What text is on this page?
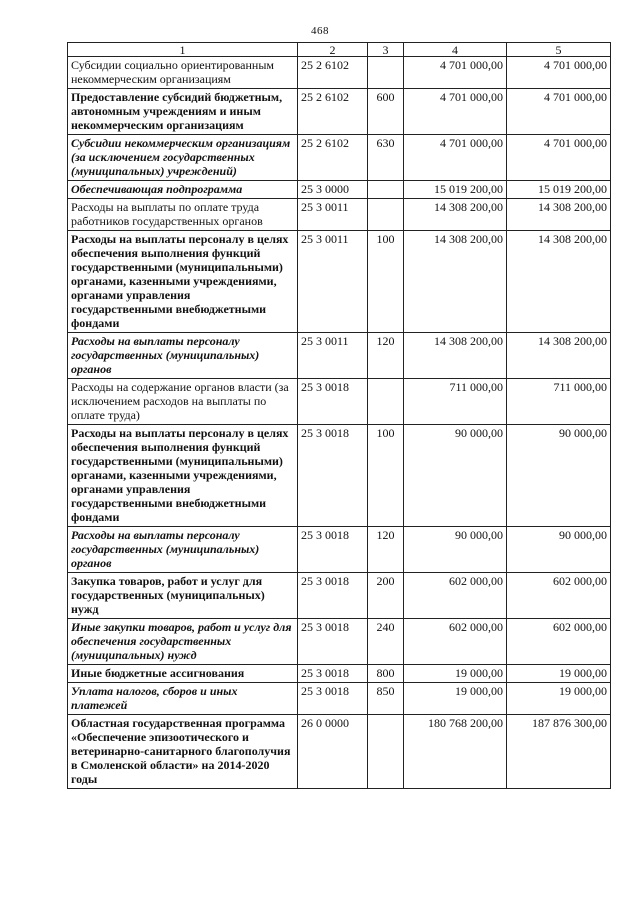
468
1	2	3	4	5
Субсидии социально ориентированным некоммерческим организациям	25 2 6102		4 701 000,00	4 701 000,00
Предоставление субсидий бюджетным, автономным учреждениям и иным некоммерческим организациям	25 2 6102	600	4 701 000,00	4 701 000,00
Субсидии некоммерческим организациям (за исключением государственных (муниципальных) учреждений)	25 2 6102	630	4 701 000,00	4 701 000,00
Обеспечивающая подпрограмма	25 3 0000		15 019 200,00	15 019 200,00
Расходы на выплаты по оплате труда работников государственных органов	25 3 0011		14 308 200,00	14 308 200,00
Расходы на выплаты персоналу в целях обеспечения выполнения функций государственными (муниципальными) органами, казенными учреждениями, органами управления государственными внебюджетными фондами	25 3 0011	100	14 308 200,00	14 308 200,00
Расходы на выплаты персоналу государственных (муниципальных) органов	25 3 0011	120	14 308 200,00	14 308 200,00
Расходы на содержание органов власти (за исключением расходов на выплаты по оплате труда)	25 3 0018		711 000,00	711 000,00
Расходы на выплаты персоналу в целях обеспечения выполнения функций государственными (муниципальными) органами, казенными учреждениями, органами управления государственными внебюджетными фондами	25 3 0018	100	90 000,00	90 000,00
Расходы на выплаты персоналу государственных (муниципальных) органов	25 3 0018	120	90 000,00	90 000,00
Закупка товаров, работ и услуг для государственных (муниципальных) нужд	25 3 0018	200	602 000,00	602 000,00
Иные закупки товаров, работ и услуг для обеспечения государственных (муниципальных) нужд	25 3 0018	240	602 000,00	602 000,00
Иные бюджетные ассигнования	25 3 0018	800	19 000,00	19 000,00
Уплата налогов, сборов и иных платежей	25 3 0018	850	19 000,00	19 000,00
Областная государственная программа «Обеспечение эпизоотического и ветеринарно-санитарного благополучия в Смоленской области» на 2014-2020 годы	26 0 0000		180 768 200,00	187 876 300,00
